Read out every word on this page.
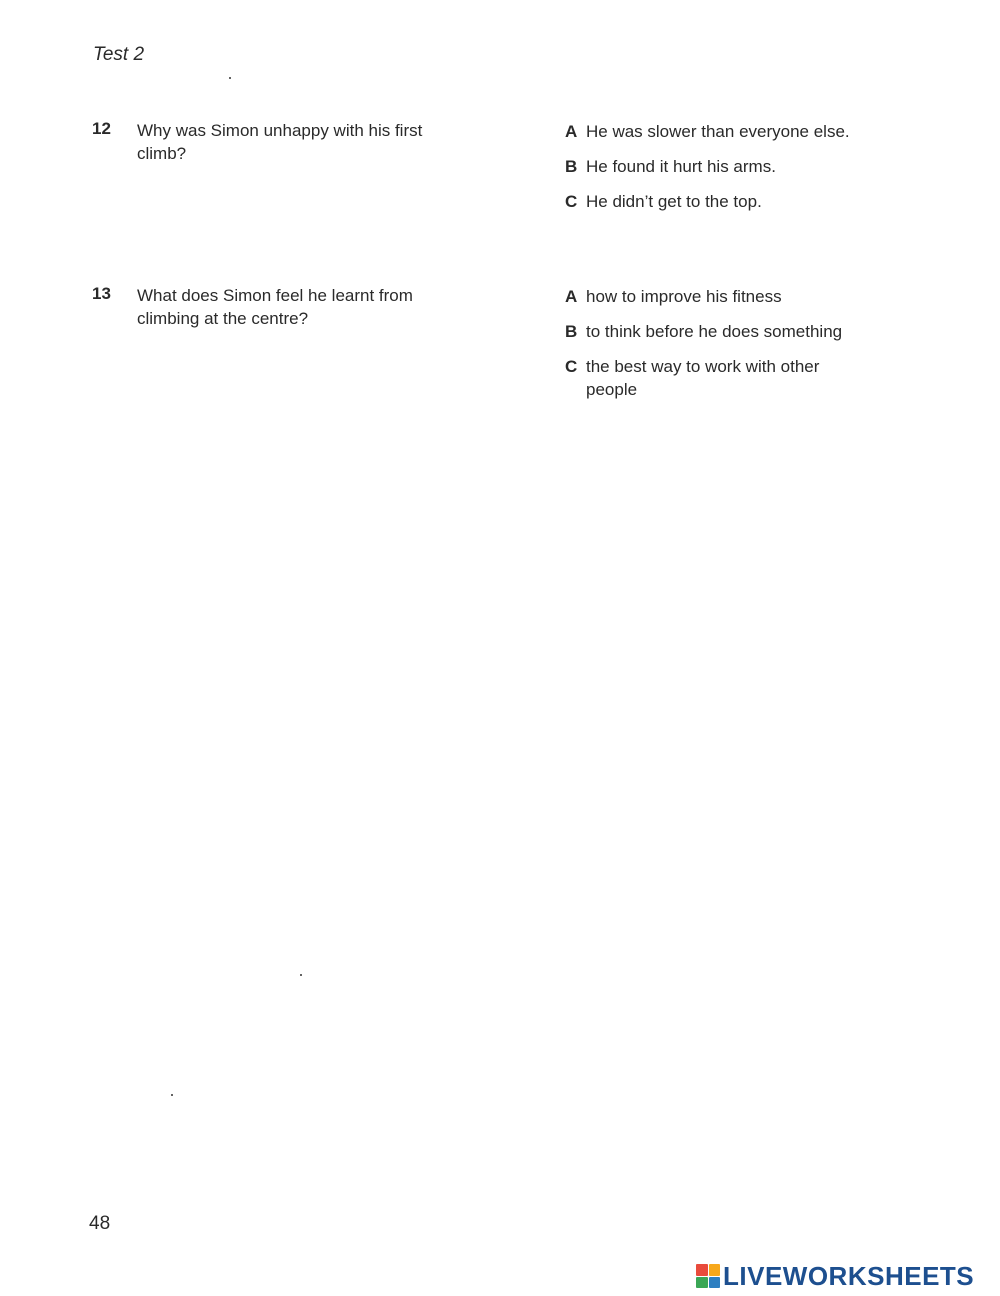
Test 2
12 Why was Simon unhappy with his first climb?
A He was slower than everyone else.
B He found it hurt his arms.
C He didn’t get to the top.
13 What does Simon feel he learnt from climbing at the centre?
A how to improve his fitness
B to think before he does something
C the best way to work with other people
48
LIVEWORKSHEETS
